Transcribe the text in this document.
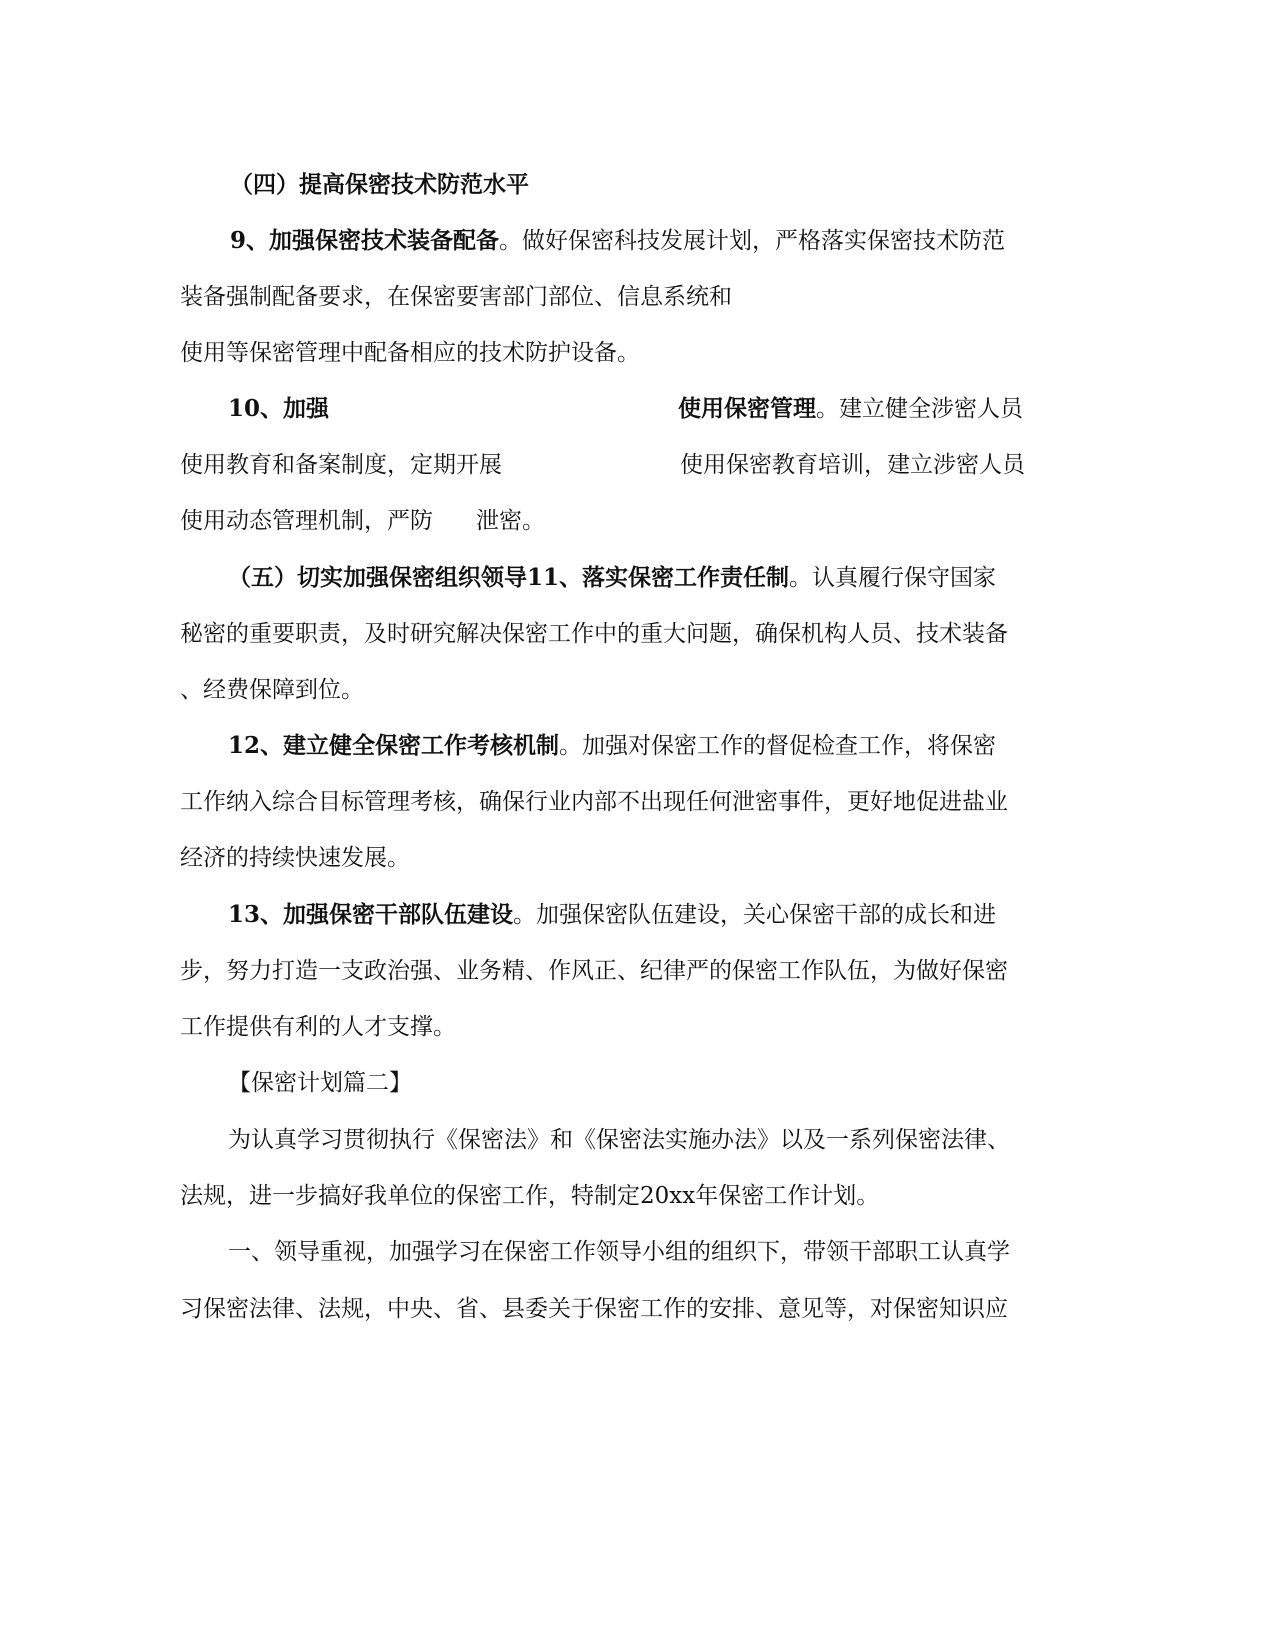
（四）提高保密技术防范水平
9、加强保密技术装备配备。做好保密科技发展计划，严格落实保密技术防范
装备强制配备要求，在保密要害部门部位、信息系统和
使用等保密管理中配备相应的技术防护设备。
10、加强	使用保密管理。建立健全涉密人员
使用教育和备案制度，定期开展	使用保密教育培训，建立涉密人员
使用动态管理机制，严防 泄密。
（五）切实加强保密组织领导11、落实保密工作责任制。认真履行保守国家
秘密的重要职责，及时研究解决保密工作中的重大问题，确保机构人员、技术装备
、经费保障到位。
12、建立健全保密工作考核机制。加强对保密工作的督促检查工作，将保密
工作纳入综合目标管理考核，确保行业内部不出现任何泄密事件，更好地促进盐业
经济的持续快速发展。
13、加强保密干部队伍建设。加强保密队伍建设，关心保密干部的成长和进
步，努力打造一支政治强、业务精、作风正、纪律严的保密工作队伍，为做好保密
工作提供有利的人才支撑。
【保密计划篇二】
为认真学习贯彻执行《保密法》和《保密法实施办法》以及一系列保密法律、
法规，进一步搞好我单位的保密工作，特制定20xx年保密工作计划。
一、领导重视，加强学习在保密工作领导小组的组织下，带领干部职工认真学
习保密法律、法规，中央、省、县委关于保密工作的安排、意见等，对保密知识应
